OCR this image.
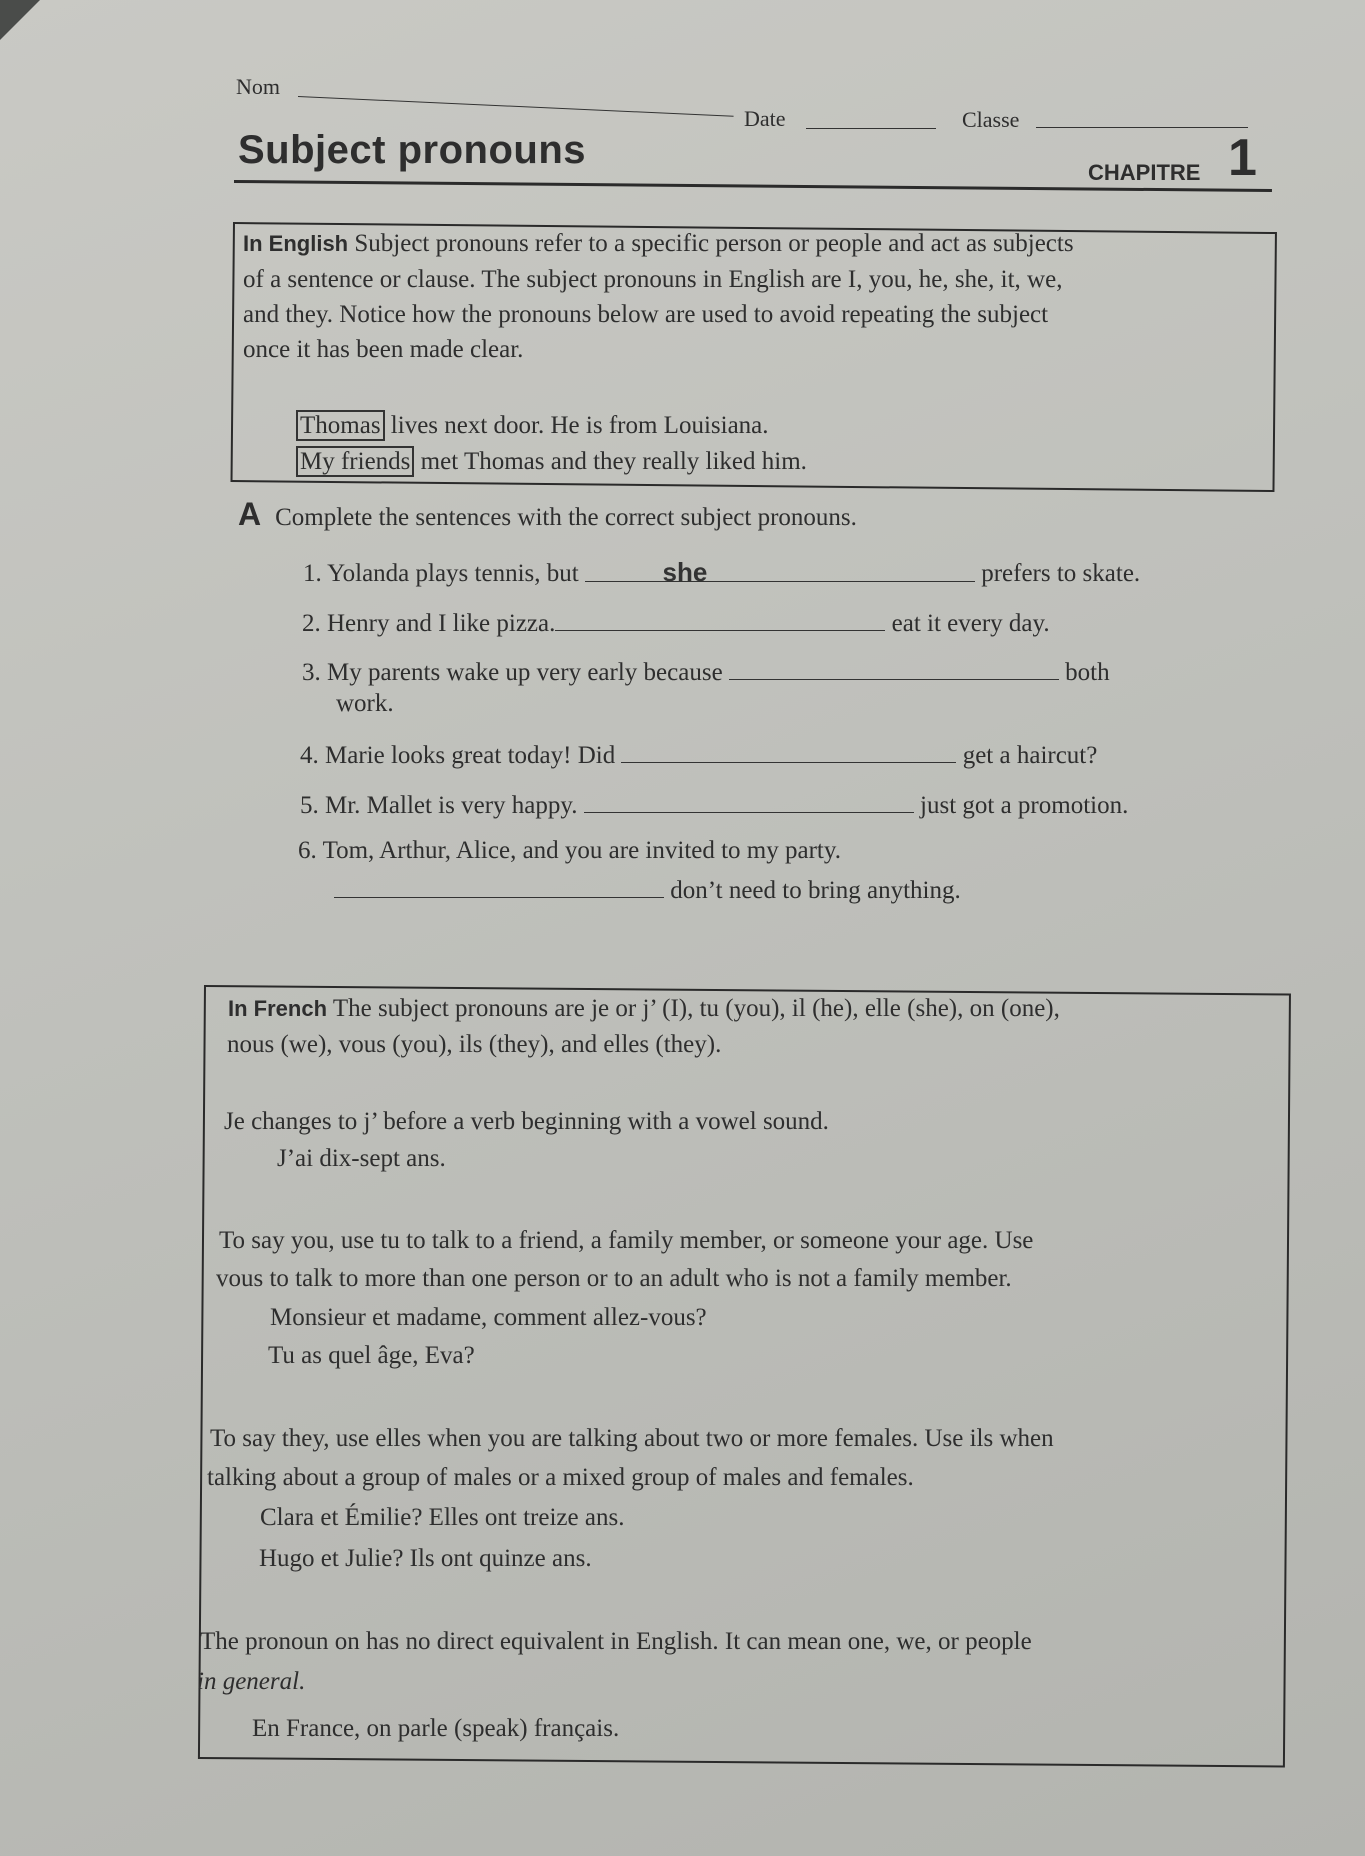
Nom
Date	Classe
Subject pronouns
CHAPITRE 1
In English Subject pronouns refer to a specific person or people and act as subjects
of a sentence or clause. The subject pronouns in English are I, you, he, she, it, we,
and they. Notice how the pronouns below are used to avoid repeating the subject
once it has been made clear.
Thomas lives next door. He is from Louisiana.
My friends met Thomas and they really liked him.
A Complete the sentences with the correct subject pronouns.
1. Yolanda plays tennis, but	she	prefers to skate.
2. Henry and I like pizza.	eat it every day.
3. My parents wake up very early because	both
work.
4. Marie looks great today! Did	get a haircut?
5. Mr. Mallet is very happy.	just got a promotion.
6. Tom, Arthur, Alice, and you are invited to my party.
don’t need to bring anything.
In French The subject pronouns are je or j’ (I), tu (you), il (he), elle (she), on (one),
nous (we), vous (you), ils (they), and elles (they).
Je changes to j’ before a verb beginning with a vowel sound.
J’ai dix-sept ans.
To say you, use tu to talk to a friend, a family member, or someone your age. Use
vous to talk to more than one person or to an adult who is not a family member.
Monsieur et madame, comment allez-vous?
Tu as quel âge, Eva?
To say they, use elles when you are talking about two or more females. Use ils when
talking about a group of males or a mixed group of males and females.
Clara et Émilie? Elles ont treize ans.
Hugo et Julie? Ils ont quinze ans.
The pronoun on has no direct equivalent in English. It can mean one, we, or people
in general.
En France, on parle (speak) français.
